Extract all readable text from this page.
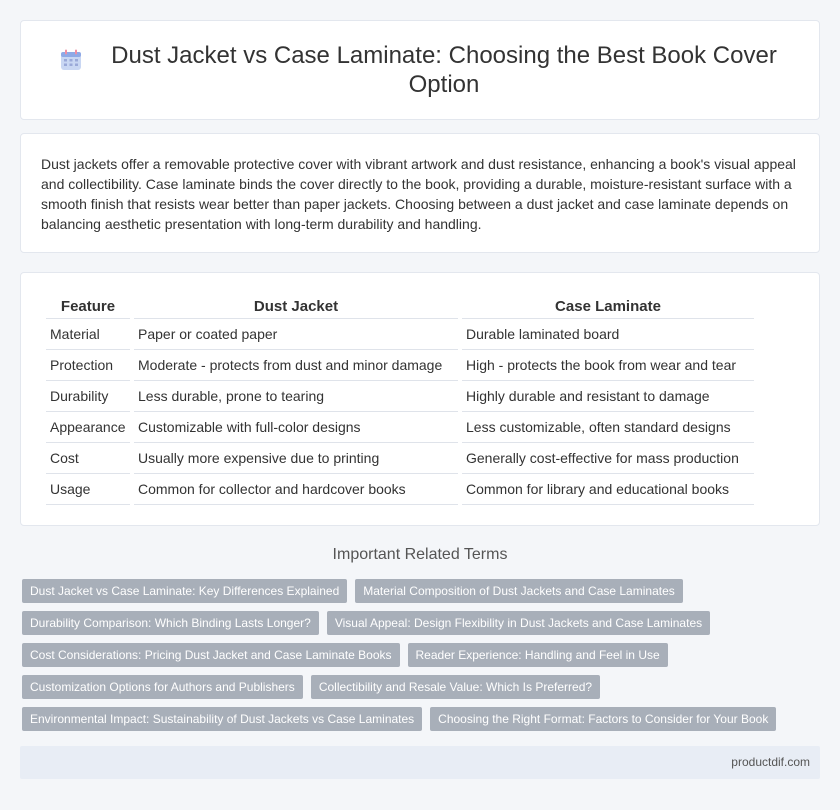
Dust Jacket vs Case Laminate: Choosing the Best Book Cover Option

Dust jackets offer a removable protective cover with vibrant artwork and dust resistance, enhancing a book's visual appeal and collectibility. Case laminate binds the cover directly to the book, providing a durable, moisture-resistant surface with a smooth finish that resists wear better than paper jackets. Choosing between a dust jacket and case laminate depends on balancing aesthetic presentation with long-term durability and handling.

Feature	Dust Jacket	Case Laminate
Material	Paper or coated paper	Durable laminated board
Protection	Moderate - protects from dust and minor damage	High - protects the book from wear and tear
Durability	Less durable, prone to tearing	Highly durable and resistant to damage
Appearance	Customizable with full-color designs	Less customizable, often standard designs
Cost	Usually more expensive due to printing	Generally cost-effective for mass production
Usage	Common for collector and hardcover books	Common for library and educational books
Important Related Terms
Dust Jacket vs Case Laminate: Key Differences Explained	Material Composition of Dust Jackets and Case Laminates
Durability Comparison: Which Binding Lasts Longer?	Visual Appeal: Design Flexibility in Dust Jackets and Case Laminates
Cost Considerations: Pricing Dust Jacket and Case Laminate Books	Reader Experience: Handling and Feel in Use
Customization Options for Authors and Publishers	Collectibility and Resale Value: Which Is Preferred?
Environmental Impact: Sustainability of Dust Jackets vs Case Laminates	Choosing the Right Format: Factors to Consider for Your Book
productdif.com
